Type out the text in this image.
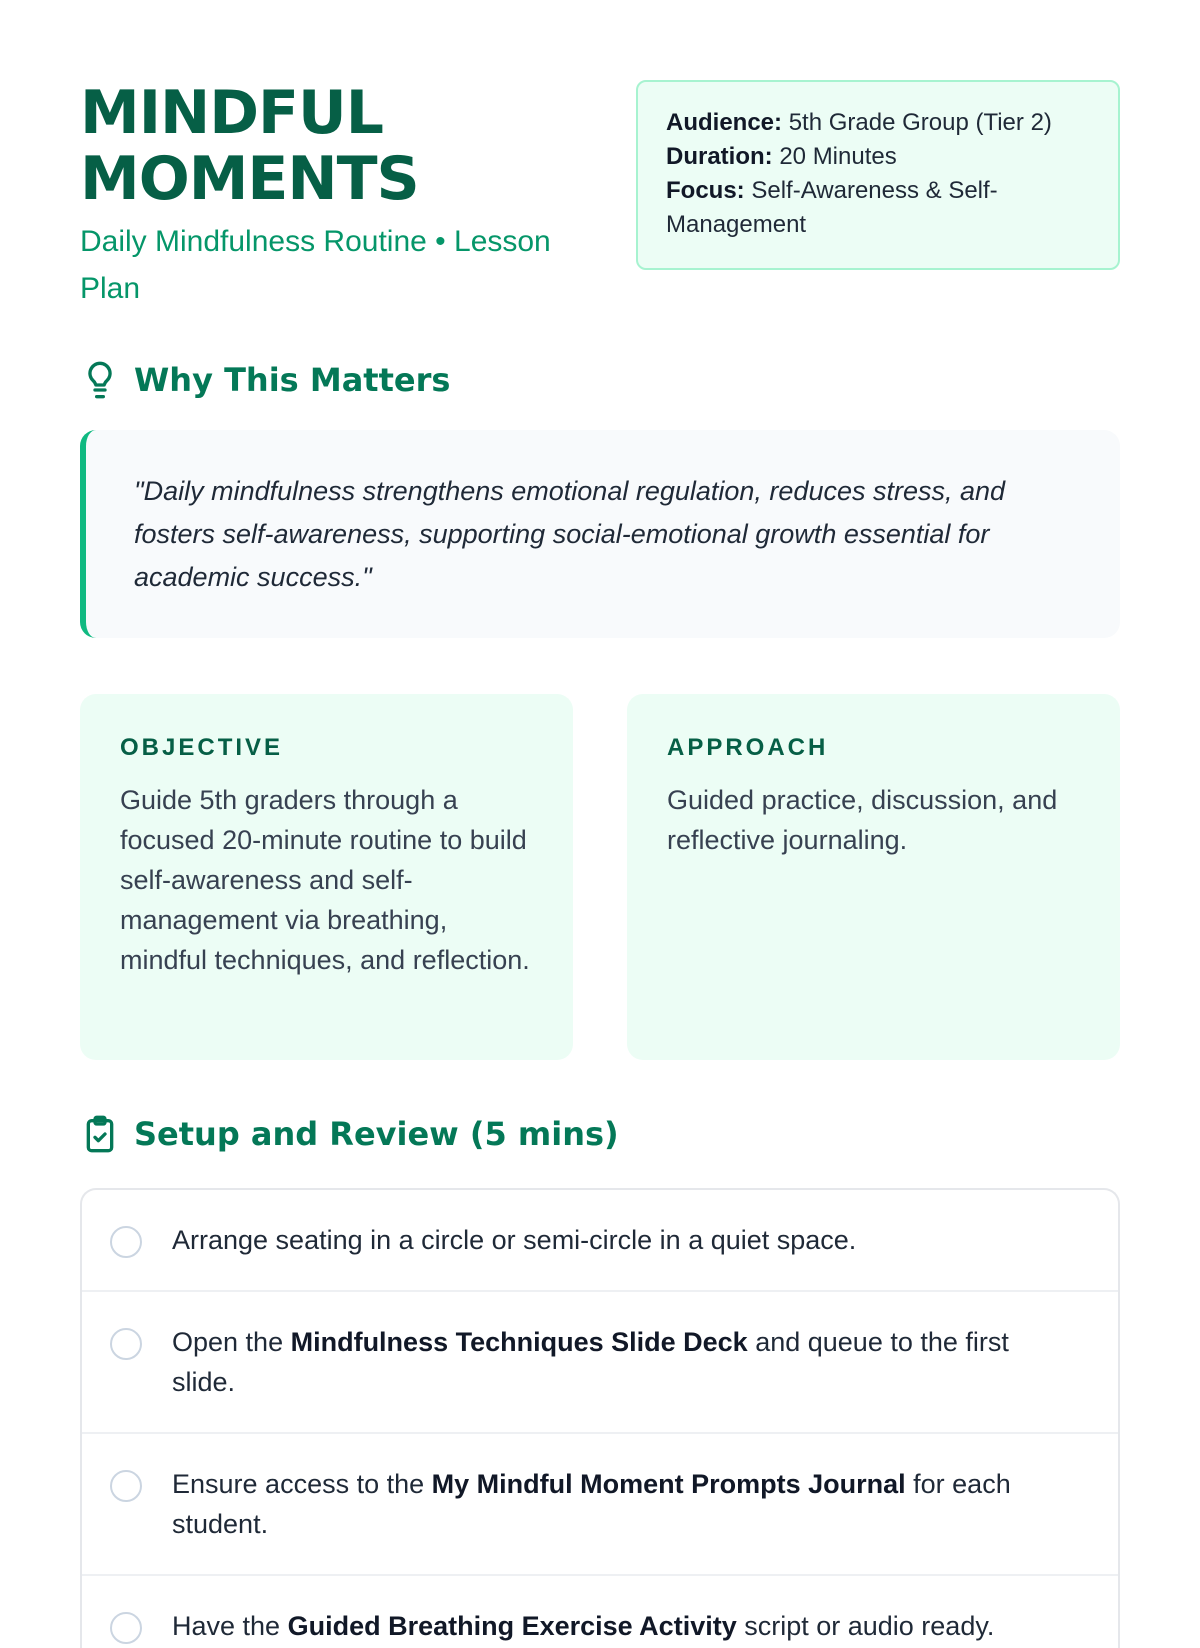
MINDFUL
MOMENTS
Daily Mindfulness Routine • Lesson Plan
Audience: 5th Grade Group (Tier 2)
Duration: 20 Minutes
Focus: Self-Awareness & Self-Management
Why This Matters
"Daily mindfulness strengthens emotional regulation, reduces stress, and fosters self-awareness, supporting social-emotional growth essential for academic success."
OBJECTIVE

Guide 5th graders through a focused 20-minute routine to build self-awareness and self-management via breathing, mindful techniques, and reflection.

APPROACH

Guided practice, discussion, and reflective journaling.

Setup and Review (5 mins)
Arrange seating in a circle or semi-circle in a quiet space.
Open the Mindfulness Techniques Slide Deck and queue to the first slide.
Ensure access to the My Mindful Moment Prompts Journal for each student.
Have the Guided Breathing Exercise Activity script or audio ready.
